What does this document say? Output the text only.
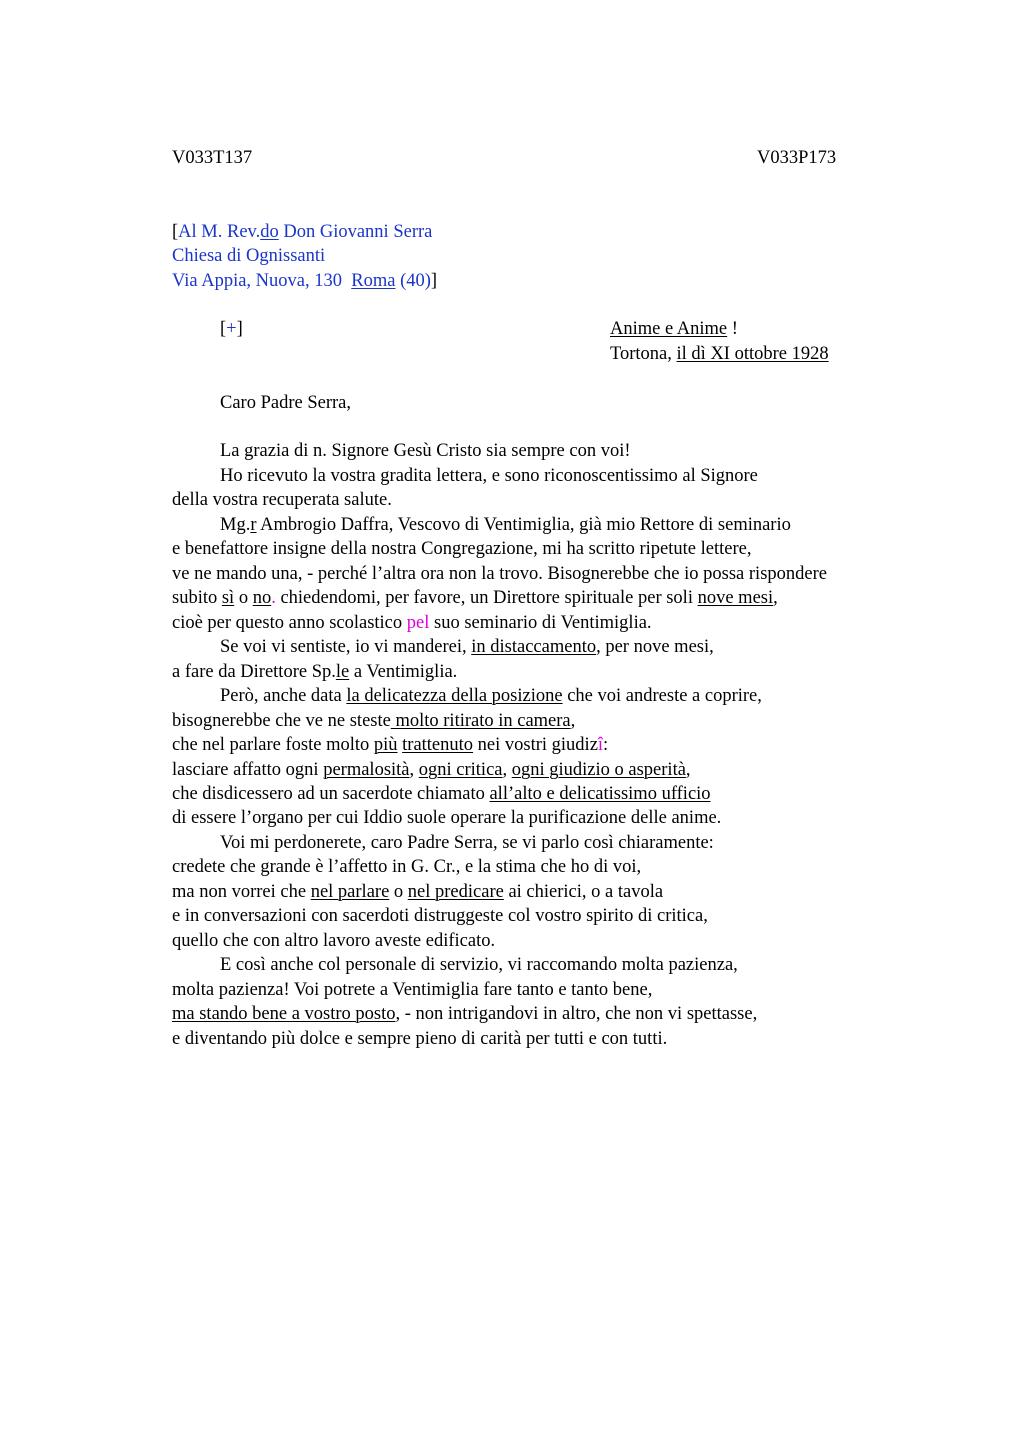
V033T137	V033P173
[Al M. Rev.do Don Giovanni Serra
Chiesa di Ognissanti
Via Appia, Nuova, 130  Roma (40)]
[+]	Anime e Anime !
Tortona, il dì XI ottobre 1928
Caro Padre Serra,
La grazia di n. Signore Gesù Cristo sia sempre con voi!
Ho ricevuto la vostra gradita lettera, e sono riconoscentissimo al Signore
della vostra recuperata salute.
Mg.r Ambrogio Daffra, Vescovo di Ventimiglia, già mio Rettore di seminario
e benefattore insigne della nostra Congregazione, mi ha scritto ripetute lettere,
ve ne mando una, - perché l’altra ora non la trovo. Bisognerebbe che io possa rispondere
subito sì o no. chiedendomi, per favore, un Direttore spirituale per soli nove mesi,
cioè per questo anno scolastico pel suo seminario di Ventimiglia.
Se voi vi sentiste, io vi manderei, in distaccamento, per nove mesi,
a fare da Direttore Sp.le a Ventimiglia.
Però, anche data la delicatezza della posizione che voi andreste a coprire,
bisognerebbe che ve ne steste molto ritirato in camera,
che nel parlare foste molto più trattenuto nei vostri giudizî:
lasciare affatto ogni permalosità, ogni critica, ogni giudizio o asperità,
che disdicessero ad un sacerdote chiamato all’alto e delicatissimo ufficio
di essere l’organo per cui Iddio suole operare la purificazione delle anime.
Voi mi perdonerete, caro Padre Serra, se vi parlo così chiaramente:
credete che grande è l’affetto in G. Cr., e la stima che ho di voi,
ma non vorrei che nel parlare o nel predicare ai chierici, o a tavola
e in conversazioni con sacerdoti distruggeste col vostro spirito di critica,
quello che con altro lavoro aveste edificato.
E così anche col personale di servizio, vi raccomando molta pazienza,
molta pazienza! Voi potrete a Ventimiglia fare tanto e tanto bene,
ma stando bene a vostro posto, - non intrigandovi in altro, che non vi spettasse,
e diventando più dolce e sempre pieno di carità per tutti e con tutti.
